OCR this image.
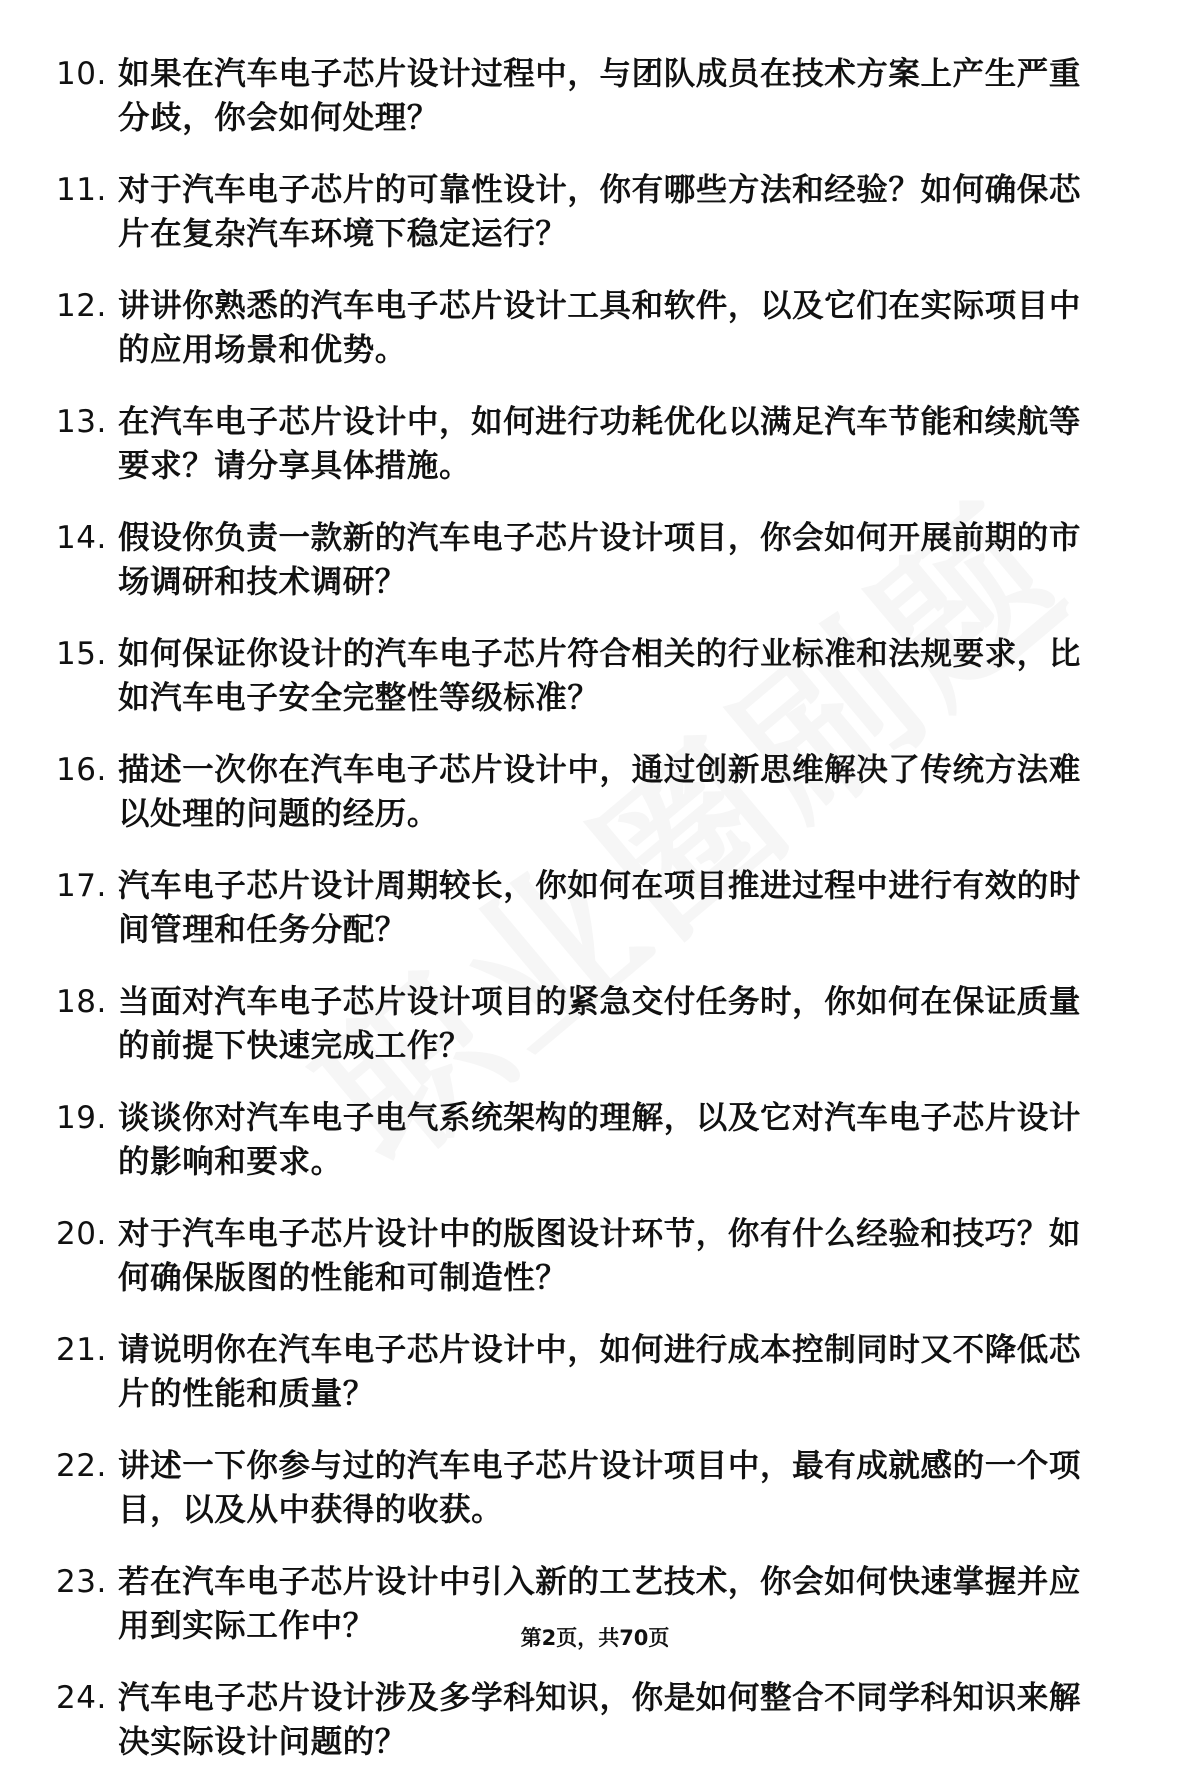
10. 如果在汽车电子芯片设计过程中，与团队成员在技术方案上产生严重分歧，你会如何处理？
11. 对于汽车电子芯片的可靠性设计，你有哪些方法和经验？如何确保芯片在复杂汽车环境下稳定运行？
12. 讲讲你熟悉的汽车电子芯片设计工具和软件，以及它们在实际项目中的应用场景和优势。
13. 在汽车电子芯片设计中，如何进行功耗优化以满足汽车节能和续航等要求？请分享具体措施。
14. 假设你负责一款新的汽车电子芯片设计项目，你会如何开展前期的市场调研和技术调研？
15. 如何保证你设计的汽车电子芯片符合相关的行业标准和法规要求，比如汽车电子安全完整性等级标准？
16. 描述一次你在汽车电子芯片设计中，通过创新思维解决了传统方法难以处理的问题的经历。
17. 汽车电子芯片设计周期较长，你如何在项目推进过程中进行有效的时间管理和任务分配？
18. 当面对汽车电子芯片设计项目的紧急交付任务时，你如何在保证质量的前提下快速完成工作？
19. 谈谈你对汽车电子电气系统架构的理解，以及它对汽车电子芯片设计的影响和要求。
20. 对于汽车电子芯片设计中的版图设计环节，你有什么经验和技巧？如何确保版图的性能和可制造性？
21. 请说明你在汽车电子芯片设计中，如何进行成本控制同时又不降低芯片的性能和质量？
22. 讲述一下你参与过的汽车电子芯片设计项目中，最有成就感的一个项目，以及从中获得的收获。
23. 若在汽车电子芯片设计中引入新的工艺技术，你会如何快速掌握并应用到实际工作中？
24. 汽车电子芯片设计涉及多学科知识，你是如何整合不同学科知识来解决实际设计问题的？
第2页，共70页
